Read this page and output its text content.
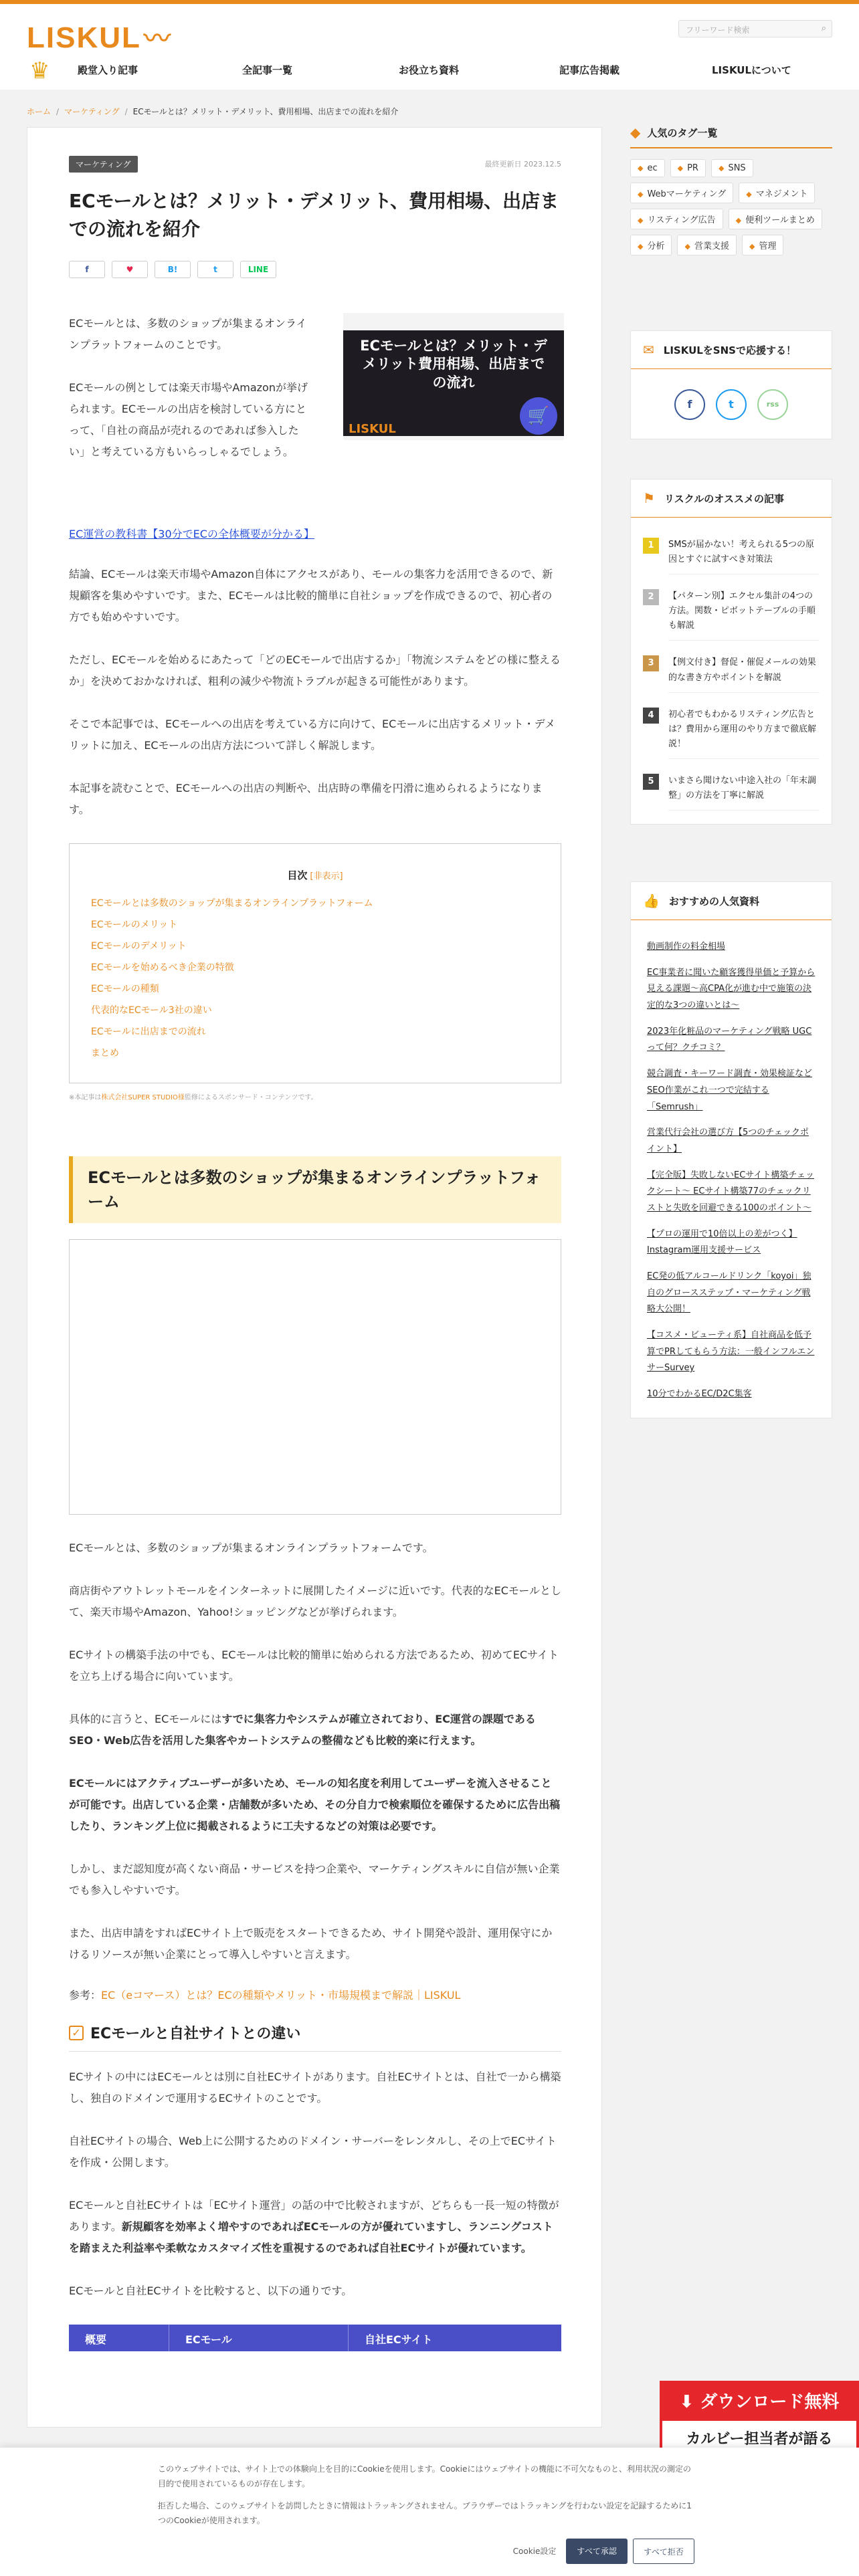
LISKUL 〰	フリーワード検索	⌕
♛	殿堂入り記事	全記事一覧	お役立ち資料	記事広告掲載	LISKULについて
ホーム / マーケティング / ECモールとは？メリット・デメリット、費用相場、出店までの流れを紹介
マーケティング	最終更新日 2023.12.5
ECモールとは？メリット・デメリット、費用相場、出店までの流れを紹介
f	♥	B!	t	LINE

ECモールとは、多数のショップが集まるオンラインプラットフォームのことです。

ECモールの例としては楽天市場やAmazonが挙げられます。ECモールの出店を検討している方にとって、「自社の商品が売れるのであれば参入したい」と考えている方もいらっしゃるでしょう。

ECモールとは？メリット・デメリット費用相場、出店までの流れ
LISKUL
🛒

EC運営の教科書【30分でECの全体概要が分かる】

結論、ECモールは楽天市場やAmazon自体にアクセスがあり、モールの集客力を活用できるので、新規顧客を集めやすいです。また、ECモールは比較的簡単に自社ショップを作成できるので、初心者の方でも始めやすいです。

ただし、ECモールを始めるにあたって「どのECモールで出店するか」「物流システムをどの様に整えるか」を決めておかなければ、粗利の減少や物流トラブルが起きる可能性があります。

そこで本記事では、ECモールへの出店を考えている方に向けて、ECモールに出店するメリット・デメリットに加え、ECモールの出店方法について詳しく解説します。

本記事を読むことで、ECモールへの出店の判断や、出店時の準備を円滑に進められるようになります。

目次 [非表示]
ECモールとは多数のショップが集まるオンラインプラットフォーム
ECモールのメリット
ECモールのデメリット
ECモールを始めるべき企業の特徴
ECモールの種類
代表的なECモール3社の違い
ECモールに出店までの流れ
まとめ

※本記事は株式会社SUPER STUDIO様監修によるスポンサード・コンテンツです。

ECモールとは多数のショップが集まるオンラインプラットフォーム

ECモールとは、多数のショップが集まるオンラインプラットフォームです。

商店街やアウトレットモールをインターネットに展開したイメージに近いです。代表的なECモールとして、楽天市場やAmazon、Yahoo!ショッピングなどが挙げられます。

ECサイトの構築手法の中でも、ECモールは比較的簡単に始められる方法であるため、初めてECサイトを立ち上げる場合に向いています。

具体的に言うと、ECモールにはすでに集客力やシステムが確立されており、EC運営の課題であるSEO・Web広告を活用した集客やカートシステムの整備なども比較的楽に行えます。

ECモールにはアクティブユーザーが多いため、モールの知名度を利用してユーザーを流入させることが可能です。出店している企業・店舗数が多いため、その分自力で検索順位を確保するために広告出稿したり、ランキング上位に掲載されるように工夫するなどの対策は必要です。

しかし、まだ認知度が高くない商品・サービスを持つ企業や、マーケティングスキルに自信が無い企業でも参入しやすいです。

また、出店申請をすればECサイト上で販売をスタートできるため、サイト開発や設計、運用保守にかけるリソースが無い企業にとって導入しやすいと言えます。

参考：EC（eコマース）とは？ECの種類やメリット・市場規模まで解説｜LISKUL

✓ ECモールと自社サイトとの違い

ECサイトの中にはECモールとは別に自社ECサイトがあります。自社ECサイトとは、自社で一から構築し、独自のドメインで運用するECサイトのことです。

自社ECサイトの場合、Web上に公開するためのドメイン・サーバーをレンタルし、その上でECサイトを作成・公開します。

ECモールと自社ECサイトは「ECサイト運営」の話の中で比較されますが、どちらも一長一短の特徴があります。新規顧客を効率よく増やすのであればECモールの方が優れていますし、ランニングコストを踏まえた利益率や柔軟なカスタマイズ性を重視するのであれば自社ECサイトが優れています。

ECモールと自社ECサイトを比較すると、以下の通りです。

概要	ECモール	自社ECサイト
◆ 人気のタグ一覧
◆ ec	◆ PR	◆ SNS
◆ Webマーケティング	◆ マネジメント
◆ リスティング広告	◆ 便利ツールまとめ
◆ 分析	◆ 営業支援	◆ 管理
✉ LISKULをSNSで応援する！
f	t	rss
⚑ リスクルのオススメの記事
1	SMSが届かない！考えられる5つの原因とすぐに試すべき対策法
2	【パターン別】エクセル集計の4つの方法。関数・ピボットテーブルの手順も解説
3	【例文付き】督促・催促メールの効果的な書き方やポイントを解説
4	初心者でもわかるリスティング広告とは？費用から運用のやり方まで徹底解説！
5	いまさら聞けない中途入社の「年末調整」の方法を丁寧に解説
👍 おすすめの人気資料
動画制作の料金相場
EC事業者に聞いた顧客獲得単価と予算から見える課題〜高CPA化が進む中で施策の決定的な3つの違いとは〜
2023年化粧品のマーケティング戦略 UGCって何？クチコミ？
競合調査・キーワード調査・効果検証などSEO作業がこれ一つで完結する「Semrush」
営業代行会社の選び方【5つのチェックポイント】
【完全版】失敗しないECサイト構築チェックシート〜 ECサイト構築77のチェックリストと失敗を回避できる100のポイント〜
【プロの運用で10倍以上の差がつく】Instagram運用支援サービス
EC発の低アルコールドリンク「koyoi」独自のグロースステップ・マーケティング戦略大公開！
【コスメ・ビューティ系】自社商品を低予算でPRしてもらう方法：一般インフルエンサーSurvey
10分でわかるEC/D2C集客
⬇ ダウンロード無料
カルビー担当者が語る

このウェブサイトでは、サイト上での体験向上を目的にCookieを使用します。Cookieにはウェブサイトの機能に不可欠なものと、利用状況の測定の目的で使用されているものが存在します。

拒否した場合、このウェブサイトを訪問したときに情報はトラッキングされません。ブラウザーではトラッキングを行わない設定を記録するために1つのCookieが使用されます。

Cookie設定	すべて承認	すべて拒否
